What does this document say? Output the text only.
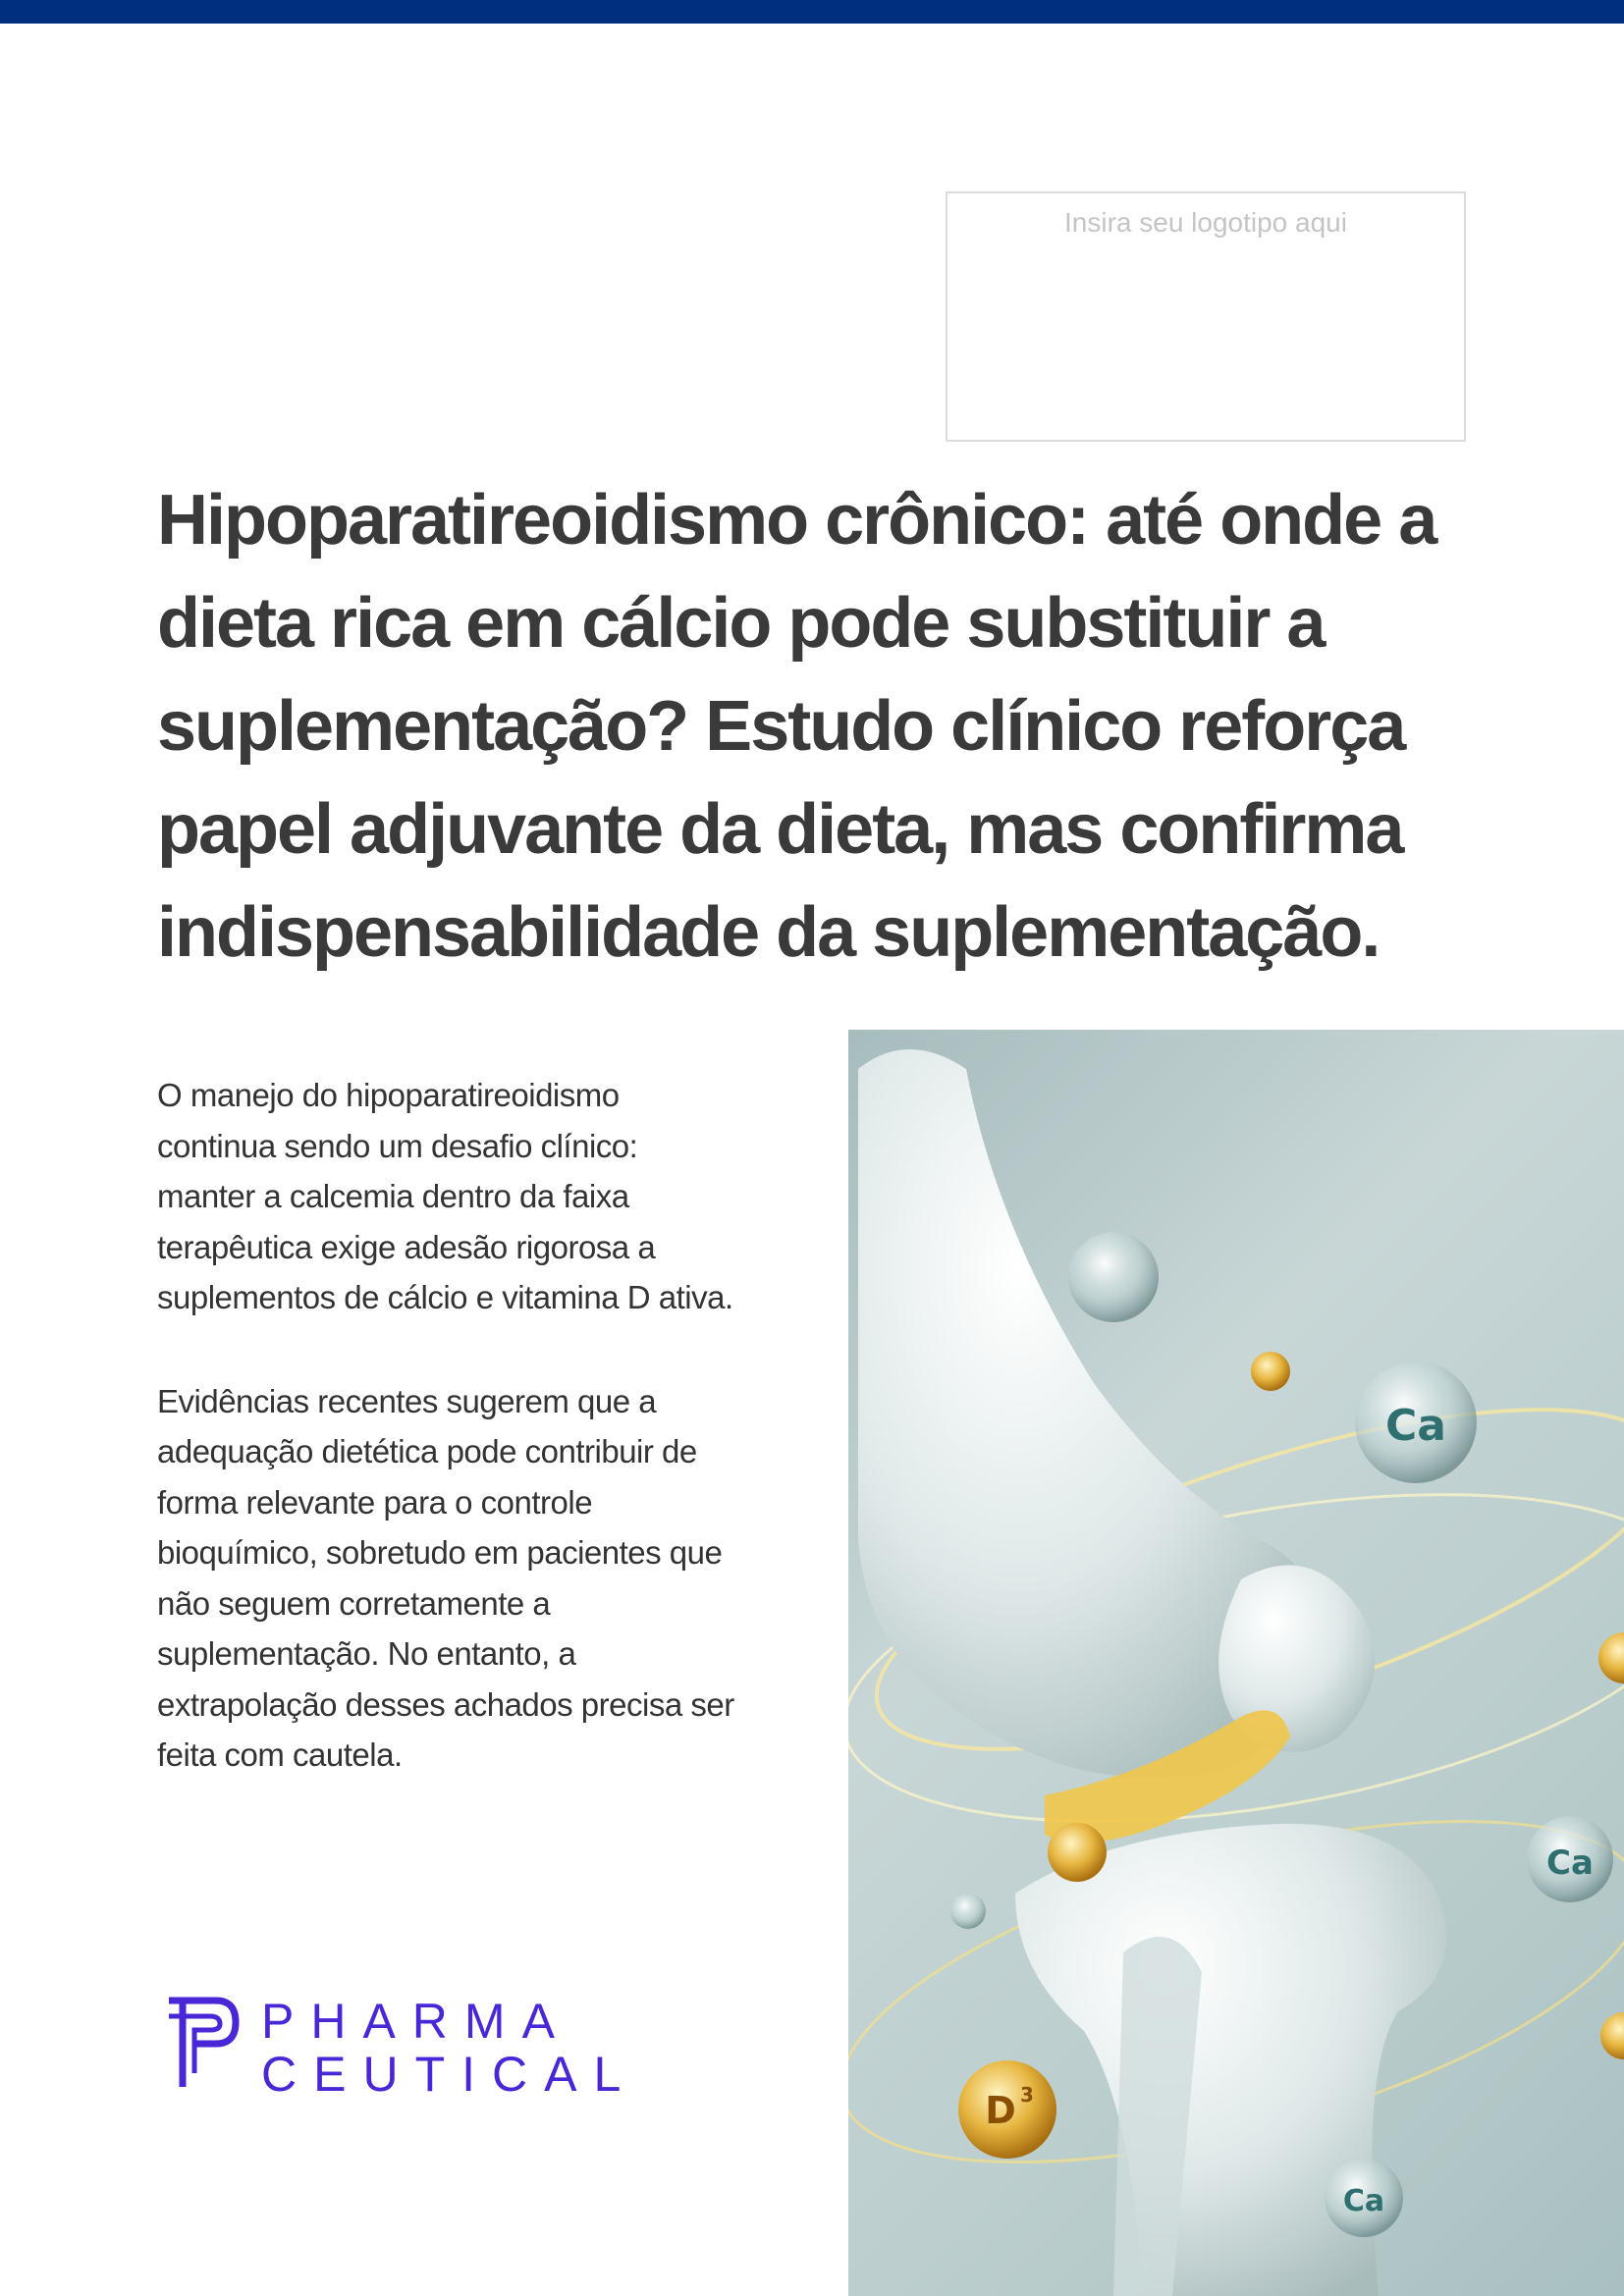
Insira seu logotipo aqui
Hipoparatireoidismo crônico: até onde a dieta rica em cálcio pode substituir a suplementação? Estudo clínico reforça papel adjuvante da dieta, mas confirma indispensabilidade da suplementação.

O manejo do hipoparatireoidismo continua sendo um desafio clínico: manter a calcemia dentro da faixa terapêutica exige adesão rigorosa a suplementos de cálcio e vitamina D ativa.

Evidências recentes sugerem que a adequação dietética pode contribuir de forma relevante para o controle bioquímico, sobretudo em pacientes que não seguem corretamente a suplementação. No entanto, a extrapolação desses achados precisa ser feita com cautela.

PHARMA
CEUTICAL
Ca
Ca
D 3
Ca
